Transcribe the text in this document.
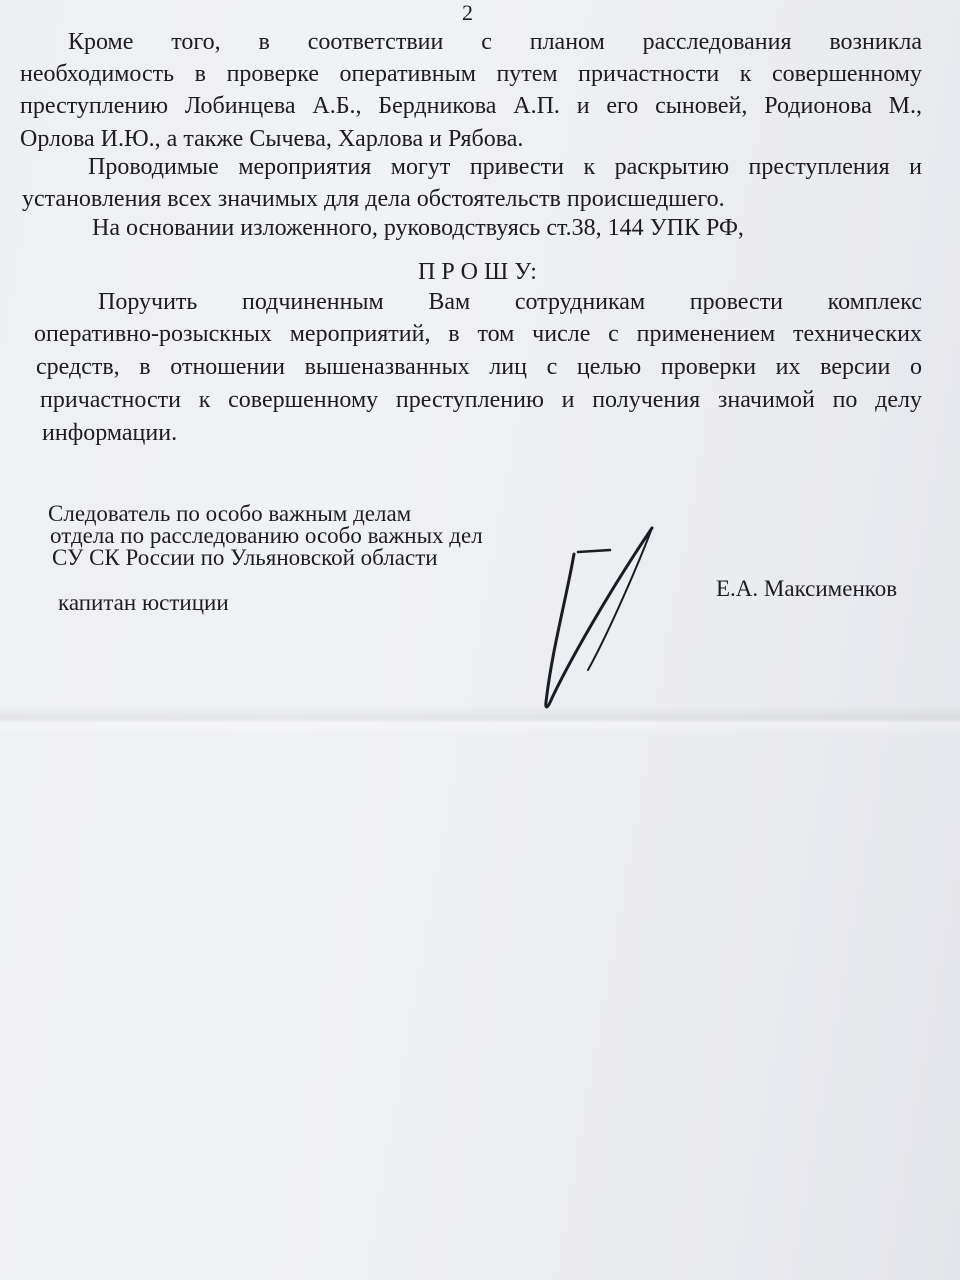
2
Кроме того, в соответствии с планом расследования возникла
необходимость в проверке оперативным путем причастности к совершенному
преступлению Лобинцева А.Б., Бердникова А.П. и его сыновей, Родионова М.,
Орлова И.Ю., а также Сычева, Харлова и Рябова.
Проводимые мероприятия могут привести к раскрытию преступления и
установления всех значимых для дела обстоятельств происшедшего.
На основании изложенного, руководствуясь ст.38, 144 УПК РФ,
П Р О Ш У:
Поручить подчиненным Вам сотрудникам провести комплекс
оперативно-розыскных мероприятий, в том числе с применением технических
средств, в отношении вышеназванных лиц с целью проверки их версии о
причастности к совершенному преступлению и получения значимой по делу
информации.
Следователь по особо важным делам
отдела по расследованию особо важных дел
СУ СК России по Ульяновской области
капитан юстиции
Е.А. Максименков
